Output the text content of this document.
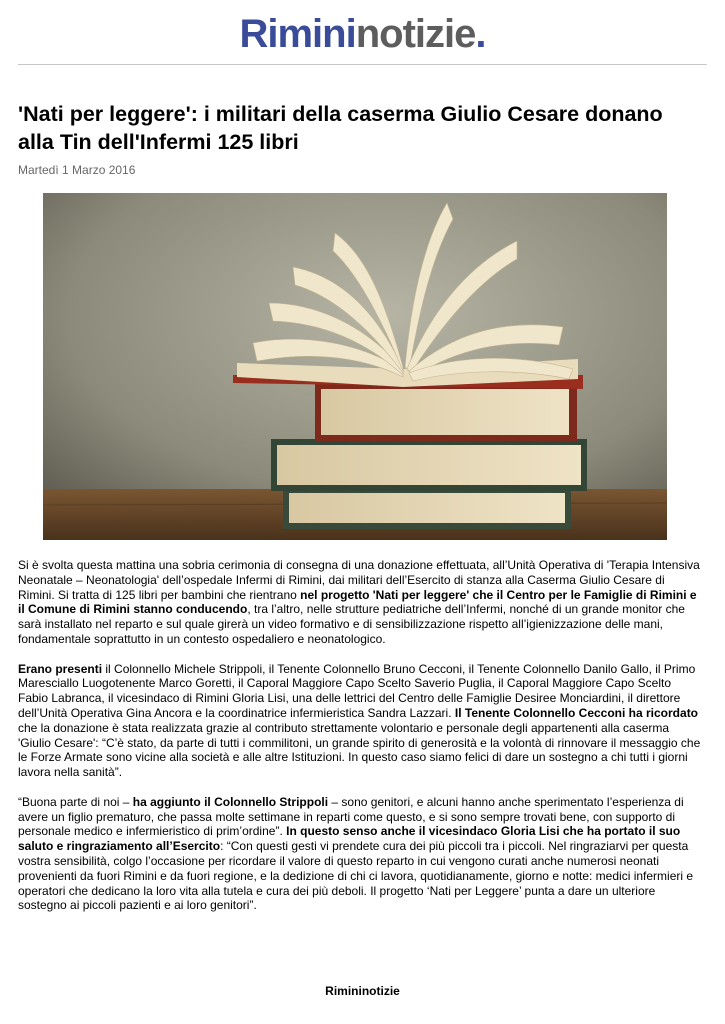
Rimininotizie.
'Nati per leggere': i militari della caserma Giulio Cesare donano alla Tin dell'Infermi 125 libri
Martedì 1 Marzo 2016

Si è svolta questa mattina una sobria cerimonia di consegna di una donazione effettuata, all’Unità Operativa di 'Terapia Intensiva Neonatale – Neonatologia' dell’ospedale Infermi di Rimini, dai militari dell’Esercito di stanza alla Caserma Giulio Cesare di Rimini. Si tratta di 125 libri per bambini che rientrano nel progetto 'Nati per leggere' che il Centro per le Famiglie di Rimini e il Comune di Rimini stanno conducendo, tra l’altro, nelle strutture pediatriche dell’Infermi, nonché di un grande monitor che sarà installato nel reparto e sul quale girerà un video formativo e di sensibilizzazione rispetto all’igienizzazione delle mani, fondamentale soprattutto in un contesto ospedaliero e neonatologico.

Erano presenti il Colonnello Michele Strippoli, il Tenente Colonnello Bruno Cecconi, il Tenente Colonnello Danilo Gallo, il Primo Maresciallo Luogotenente Marco Goretti, il Caporal Maggiore Capo Scelto Saverio Puglia, il Caporal Maggiore Capo Scelto Fabio Labranca, il vicesindaco di Rimini Gloria Lisi, una delle lettrici del Centro delle Famiglie Desiree Monciardini, il direttore dell’Unità Operativa Gina Ancora e la coordinatrice infermieristica Sandra Lazzari. Il Tenente Colonnello Cecconi ha ricordato che la donazione è stata realizzata grazie al contributo strettamente volontario e personale degli appartenenti alla caserma 'Giulio Cesare': “C’è stato, da parte di tutti i commilitoni, un grande spirito di generosità e la volontà di rinnovare il messaggio che le Forze Armate sono vicine alla società e alle altre Istituzioni. In questo caso siamo felici di dare un sostegno a chi tutti i giorni lavora nella sanità”.

“Buona parte di noi – ha aggiunto il Colonnello Strippoli – sono genitori, e alcuni hanno anche sperimentato l’esperienza di avere un figlio prematuro, che passa molte settimane in reparti come questo, e si sono sempre trovati bene, con supporto di personale medico e infermieristico di prim’ordine”. In questo senso anche il vicesindaco Gloria Lisi che ha portato il suo saluto e ringraziamento all’Esercito: “Con questi gesti vi prendete cura dei più piccoli tra i piccoli. Nel ringraziarvi per questa vostra sensibilità, colgo l’occasione per ricordare il valore di questo reparto in cui vengono curati anche numerosi neonati provenienti da fuori Rimini e da fuori regione, e la dedizione di chi ci lavora, quotidianamente, giorno e notte: medici infermieri e operatori che dedicano la loro vita alla tutela e cura dei più deboli. Il progetto ‘Nati per Leggere’ punta a dare un ulteriore sostegno ai piccoli pazienti e ai loro genitori”.

Rimininotizie
